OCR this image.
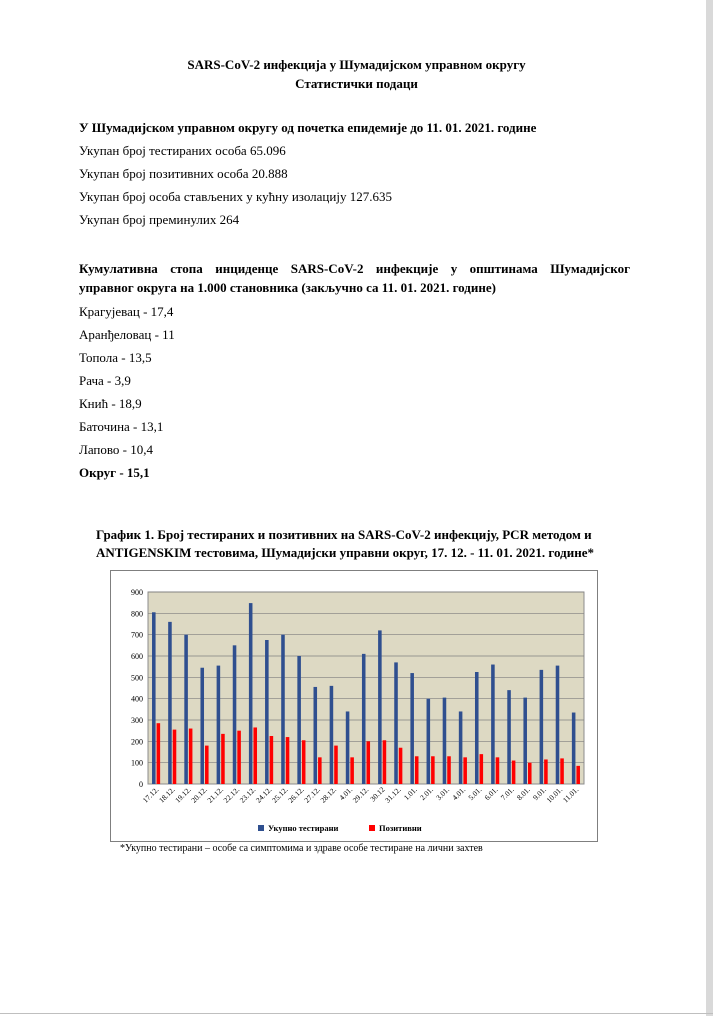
SARS-CoV-2 инфекција у Шумадијском управном округу
Статистички подаци
У Шумадијском управном округу од почетка епидемије до 11. 01. 2021. године
Укупан број тестираних особа 65.096
Укупан број позитивних особа 20.888
Укупан број особа стављених у кућну изолацију 127.635
Укупан број преминулих 264
Кумулативна стопа инциденце SARS-CoV-2 инфекције у општинама Шумадијског
управног округа на 1.000 становника (закључно са 11. 01. 2021. године)
Крагујевац - 17,4
Аранђеловац - 11
Топола - 13,5
Рача - 3,9
Кнић - 18,9
Баточина - 13,1
Лапово - 10,4
Округ - 15,1
График 1. Број тестираних и позитивних на SARS-CoV-2 инфекцију, PCR методом и
ANTIGENSKIM тестовима, Шумадијски управни округ, 17. 12. - 11. 01. 2021. године*
0
100
200
300
400
500
600
700
800
900
17.12.
18.12.
19.12.
20.12.
21.12.
22.12.
23.12.
24.12.
25.12.
26.12.
27.12.
28.12. 4.01.
29.12.
30.12
31.12. 1.01. 2.01. 3.01. 4.01. 5.01. 6.01. 7.01. 8.01. 9.01.
10.01.
11.01.
Укупно тестирани	Позитивни
*Укупно тестирани – особе са симптомима и здраве особе тестиране на лични захтев
